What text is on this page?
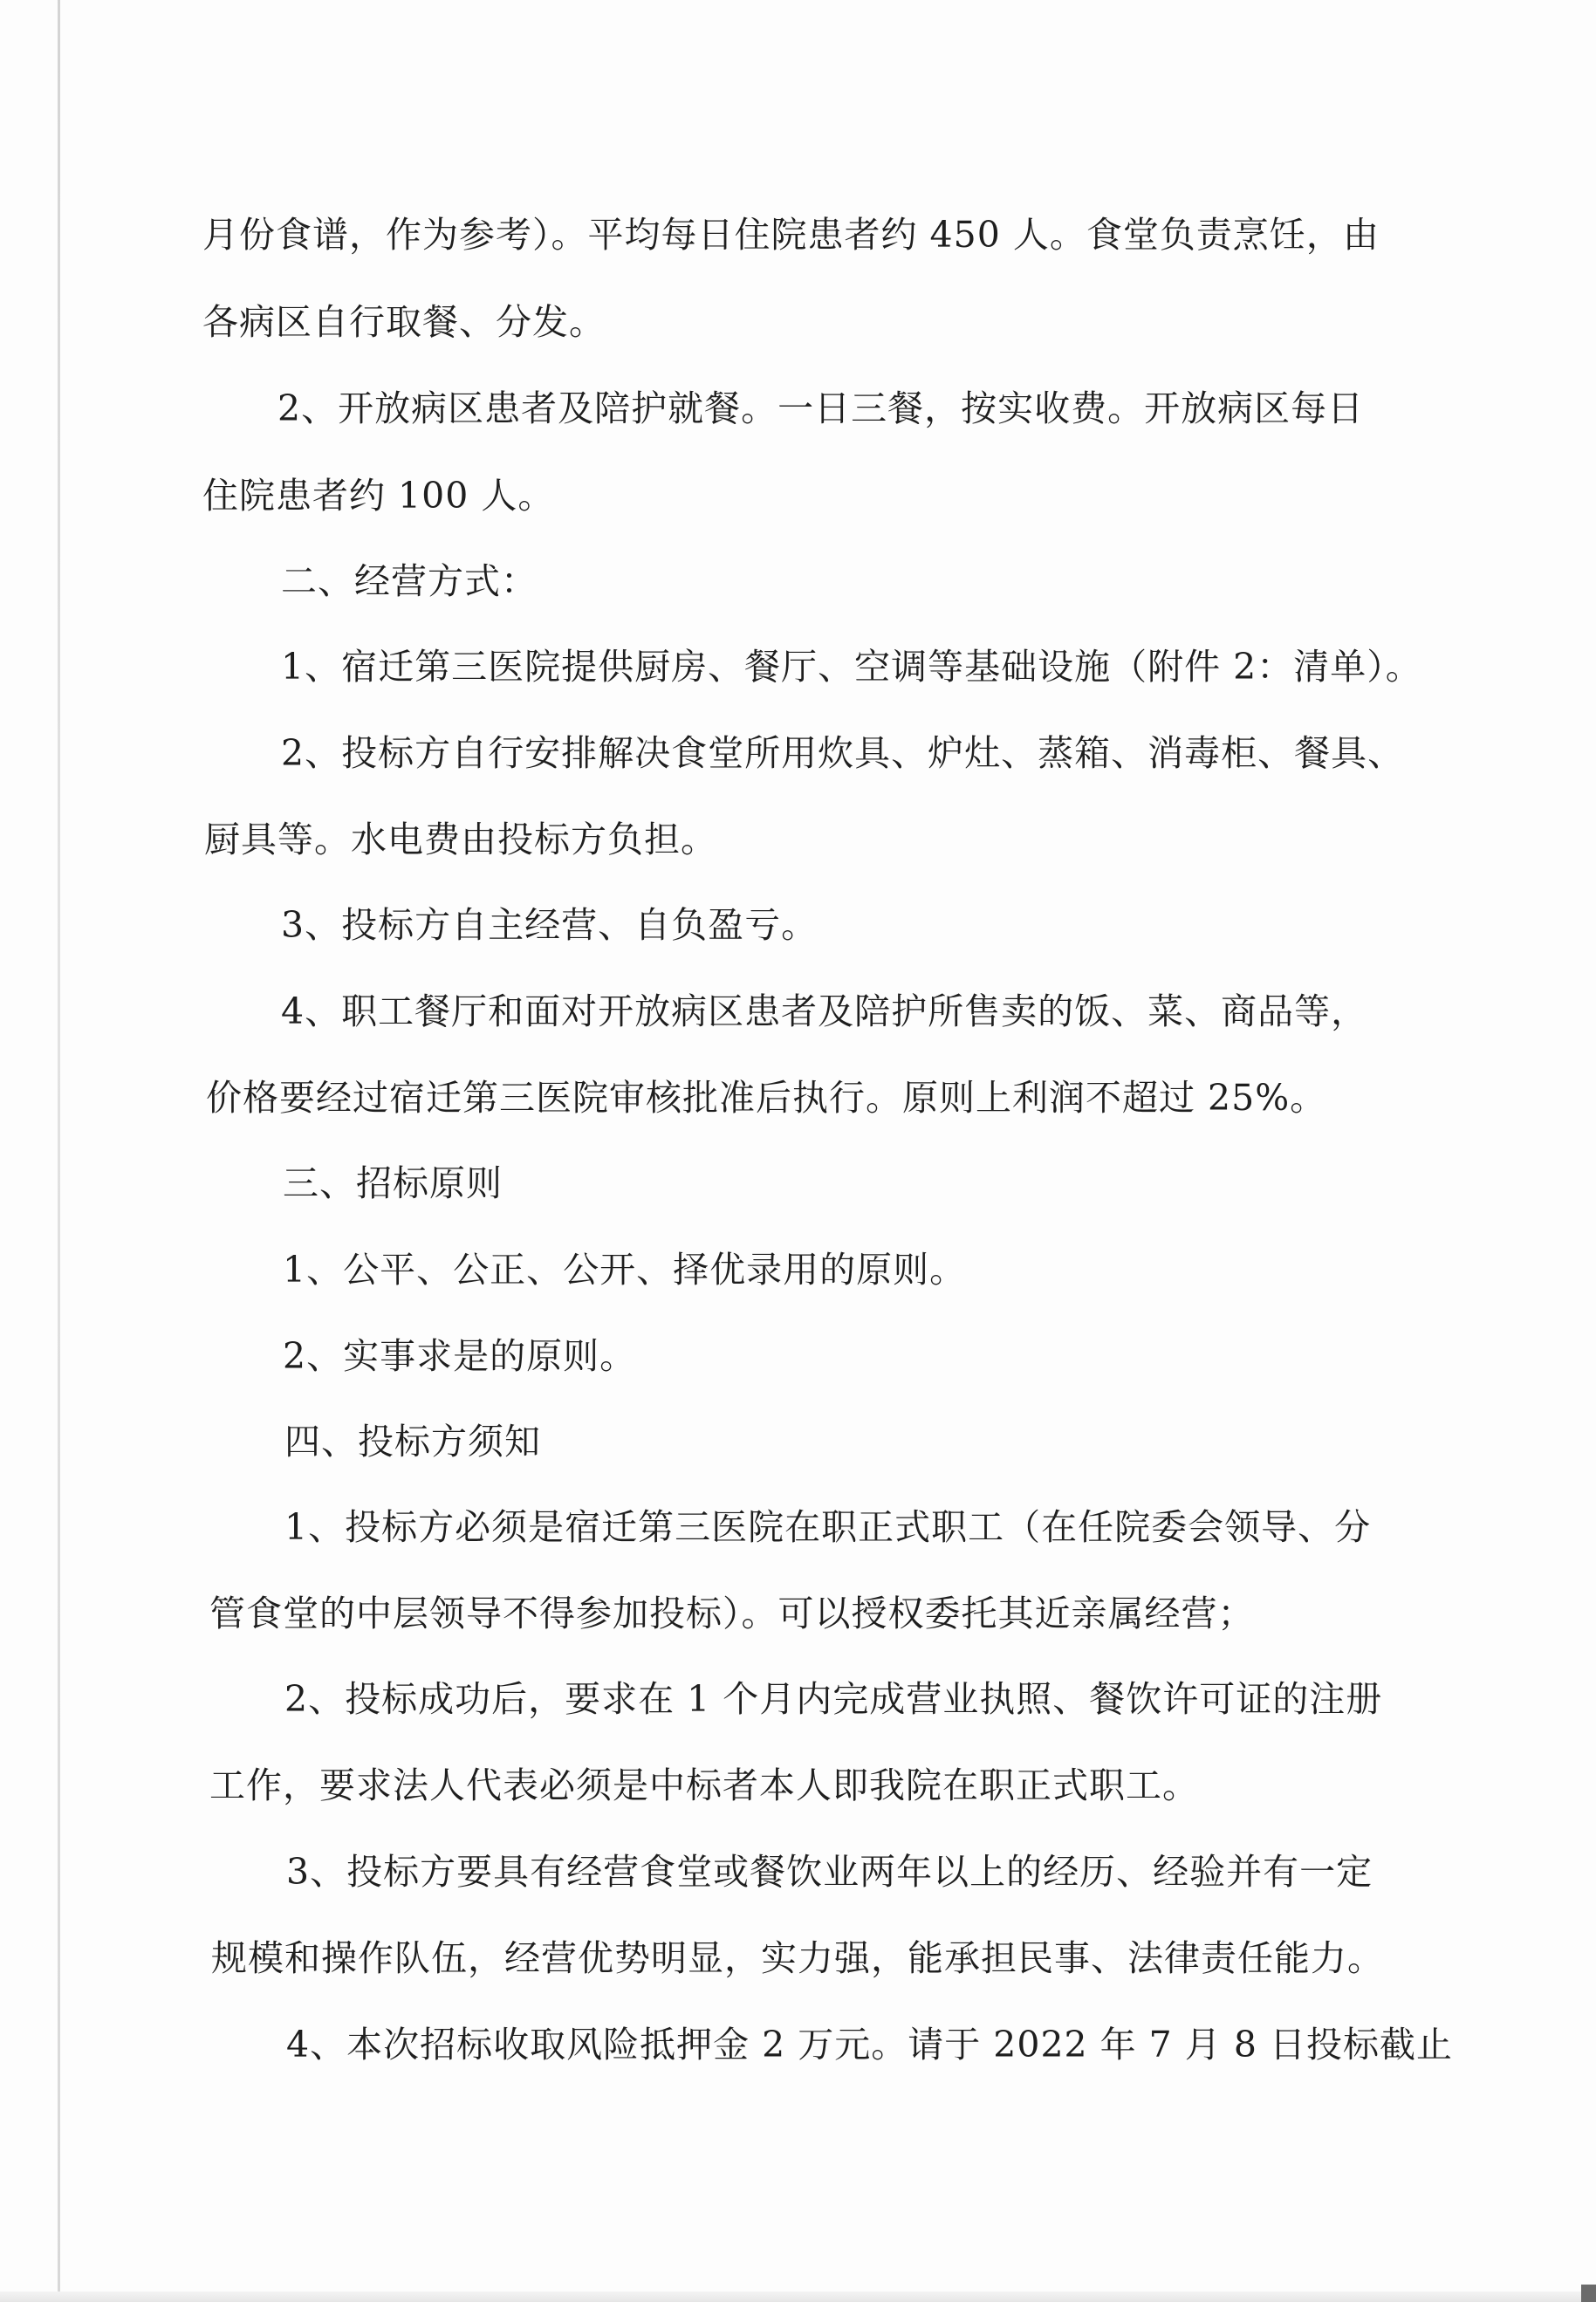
月份食谱，作为参考）。平均每日住院患者约 450 人。食堂负责烹饪，由

各病区自行取餐、分发。

2、开放病区患者及陪护就餐。一日三餐，按实收费。开放病区每日

住院患者约 100 人。

二、经营方式：

1、宿迁第三医院提供厨房、餐厅、空调等基础设施（附件 2：清单）。

2、投标方自行安排解决食堂所用炊具、炉灶、蒸箱、消毒柜、餐具、

厨具等。水电费由投标方负担。

3、投标方自主经营、自负盈亏。

4、职工餐厅和面对开放病区患者及陪护所售卖的饭、菜、商品等，

价格要经过宿迁第三医院审核批准后执行。原则上利润不超过 25%。

三、招标原则

1、公平、公正、公开、择优录用的原则。

2、实事求是的原则。

四、投标方须知

1、投标方必须是宿迁第三医院在职正式职工（在任院委会领导、分

管食堂的中层领导不得参加投标）。可以授权委托其近亲属经营；

2、投标成功后，要求在 1 个月内完成营业执照、餐饮许可证的注册

工作，要求法人代表必须是中标者本人即我院在职正式职工。

3、投标方要具有经营食堂或餐饮业两年以上的经历、经验并有一定

规模和操作队伍，经营优势明显，实力强，能承担民事、法律责任能力。

4、本次招标收取风险抵押金 2 万元。请于 2022 年 7 月 8 日投标截止
